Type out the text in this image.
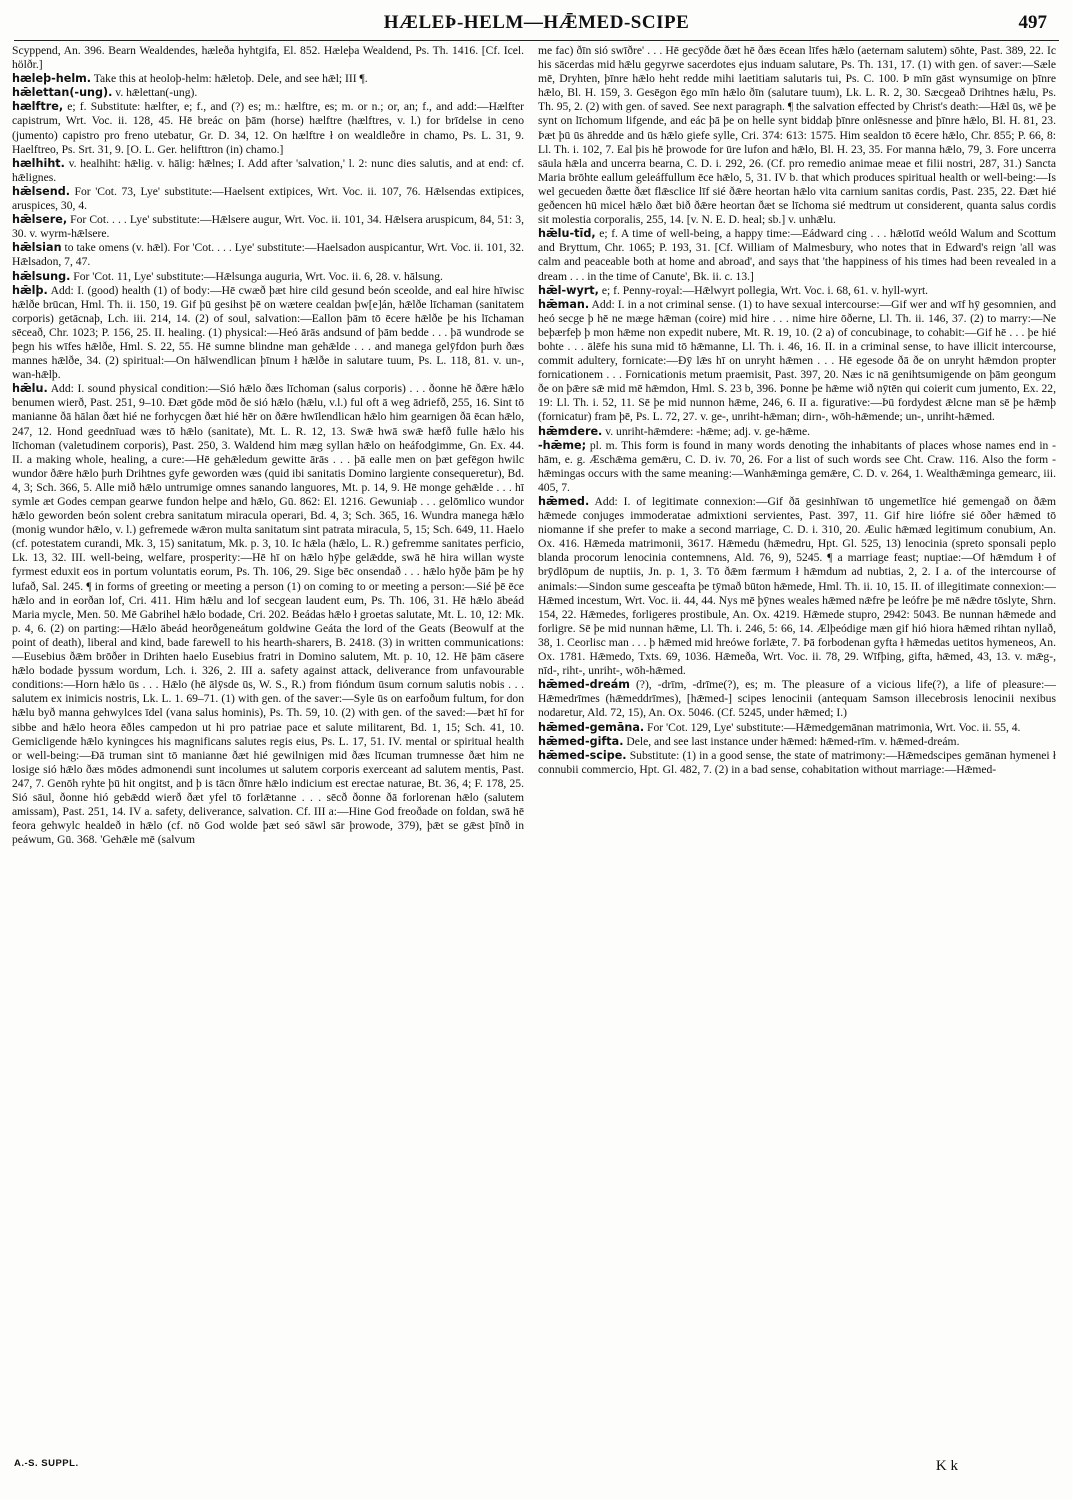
HÆLEÞ-HELM—HǢMED-SCIPE	497

Scyppend, An. 396. Bearn Wealdendes, hæleða hyhtgifa, El. 852. Hæleþa Wealdend, Ps. Th. 1416. [Cf. Icel. hölðr.]

hæleþ-helm. Take this at heoloþ-helm: hǣletoþ. Dele, and see hǣl; III ¶.

hǣlettan(-ung). v. hǣlettan(-ung).

hælftre, e; f. Substitute: hælfter, e; f., and (?) es; m.: hælftre, es; m. or n.; or, an; f., and add:—Hælfter capistrum, Wrt. Voc. ii. 128, 45. Hē breác on þām (horse) hælftre (hælftres, v. l.) for brīdelse in ceno (jumento) capistro pro freno utebatur, Gr. D. 34, 12. On hælftre ł on wealdleðre in chamo, Ps. L. 31, 9. Haelftreo, Ps. Srt. 31, 9. [O. L. Ger. helifttron (in) chamo.]

hælhiht. v. healhiht: hǣlig. v. hālig: hǣlnes; I. Add after 'salvation,' l. 2: nunc dies salutis, and at end: cf. hǣlignes.

hǣlsend. For 'Cot. 73, Lye' substitute:—Haelsent extipices, Wrt. Voc. ii. 107, 76. Hǣlsendas extipices, aruspices, 30, 4.

hǣlsere, For Cot. . . . Lye' substitute:—Hǣlsere augur, Wrt. Voc. ii. 101, 34. Hǣlsera aruspicum, 84, 51: 3, 30. v. wyrm-hǣlsere.

hǣlsian to take omens (v. hǣl). For 'Cot. . . . Lye' substitute:—Haelsadon auspicantur, Wrt. Voc. ii. 101, 32. Hǣlsadon, 7, 47.

hǣlsung. For 'Cot. 11, Lye' substitute:—Hǣlsunga auguria, Wrt. Voc. ii. 6, 28. v. hālsung.

hǣlþ. Add: I. (good) health (1) of body:—Hē cwæð þæt hire cild gesund beón sceolde, and eal hire hīwisc hǣlðe brūcan, Hml. Th. ii. 150, 19. Gif þū gesihst þē on wætere cealdan þw[e]án, hǣlðe līchaman (sanitatem corporis) getācnaþ, Lch. iii. 214, 14. (2) of soul, salvation:—Eallon þām tō ēcere hǣlðe þe his līchaman sēceað, Chr. 1023; P. 156, 25. II. healing. (1) physical:—Heó ārās andsund of þām bedde . . . þā wundrode se þegn his wīfes hǣlðe, Hml. S. 22, 55. Hē sumne blindne man gehǣlde . . . and manega gelȳfdon þurh ðæs mannes hǣlðe, 34. (2) spiritual:—On hālwendlican þīnum ł hǣlðe in salutare tuum, Ps. L. 118, 81. v. un-, wan-hǣlþ.

hǣlu. Add: I. sound physical condition:—Sió hǣlo ðæs līchoman (salus corporis) . . . ðonne hē ðǣre hǣlo benumen wierð, Past. 251, 9–10. Ðæt gōde mōd ðe sió hǣlo (hǣlu, v.l.) ful oft ā weg ādriefð, 255, 16. Sint tō manianne ðā hālan ðæt hié ne forhycgen ðæt hié hēr on ðǣre hwīlendlican hǣlo him gearnigen ðā ēcan hǣlo, 247, 12. Hond geednīuad wæs tō hǣlo (sanitate), Mt. L. R. 12, 13. Swǣ hwā swǣ hæfð fulle hǣlo his līchoman (valetudinem corporis), Past. 250, 3. Waldend him mæg syllan hǣlo on heáfodgimme, Gn. Ex. 44. II. a making whole, healing, a cure:—Hē gehǣledum gewitte ārās . . . þā ealle men on þæt gefēgon hwilc wundor ðǣre hǣlo þurh Drihtnes gyfe geworden wæs (quid ibi sanitatis Domino largiente consequeretur), Bd. 4, 3; Sch. 366, 5. Alle mið hǣlo untrumige omnes sanando languores, Mt. p. 14, 9. Hē monge gehǣlde . . . hī symle æt Godes cempan gearwe fundon helpe and hǣlo, Gū. 862: El. 1216. Gewuniaþ . . . gelōmlico wundor hǣlo geworden beón solent crebra sanitatum miracula operari, Bd. 4, 3; Sch. 365, 16. Wundra manega hǣlo (monig wundor hǣlo, v. l.) gefremede wǣron multa sanitatum sint patrata miracula, 5, 15; Sch. 649, 11. Haelo (cf. potestatem curandi, Mk. 3, 15) sanitatum, Mk. p. 3, 10. Ic hǣla (hǣlo, L. R.) gefremme sanitates perficio, Lk. 13, 32. III. well-being, welfare, prosperity:—Hē hī on hǣlo hȳþe gelǣdde, swā hē hira willan wyste fyrmest eduxit eos in portum voluntatis eorum, Ps. Th. 106, 29. Sige bēc onsendað . . . hǣlo hȳðe þām þe hȳ lufað, Sal. 245. ¶ in forms of greeting or meeting a person (1) on coming to or meeting a person:—Sié þē ēce hǣlo and in eorðan lof, Cri. 411. Him hǣlu and lof secgean laudent eum, Ps. Th. 106, 31. Hē hǣlo ābeád Maria mycle, Men. 50. Mē Gabrihel hǣlo bodade, Cri. 202. Beádas hǣlo ł groetas salutate, Mt. L. 10, 12: Mk. p. 4, 6. (2) on parting:—Hǣlo ābeád heorðgeneátum goldwine Geáta the lord of the Geats (Beowulf at the point of death), liberal and kind, bade farewell to his hearth-sharers, B. 2418. (3) in written communications:—Eusebius ðǣm brōðer in Drihten haelo Eusebius fratri in Domino salutem, Mt. p. 10, 12. Hē þām cāsere hǣlo bodade þyssum wordum, Lch. i. 326, 2. III a. safety against attack, deliverance from unfavourable conditions:—Horn hǣlo ūs . . . Hǣlo (hē ālȳsde ūs, W. S., R.) from fióndum ūsum cornum salutis nobis . . . salutem ex inimicis nostris, Lk. L. 1. 69–71. (1) with gen. of the saver:—Syle ūs on earfoðum fultum, for don hǣlu byð manna gehwylces īdel (vana salus hominis), Ps. Th. 59, 10. (2) with gen. of the saved:—Þæt hī for sibbe and hǣlo heora ēðles campedon ut hi pro patriae pace et salute militarent, Bd. 1, 15; Sch. 41, 10. Gemicligende hǣlo kyningces his magnificans salutes regis eius, Ps. L. 17, 51. IV. mental or spiritual health or well-being:—Ðā truman sint tō manianne ðæt hié gewilnigen mid ðæs līcuman trumnesse ðæt him ne losige sió hǣlo ðæs mōdes admonendi sunt incolumes ut salutem corporis exerceant ad salutem mentis, Past. 247, 7. Genōh ryhte þū hit ongitst, and þ is tācn ðīnre hǣlo indicium est erectae naturae, Bt. 36, 4; F. 178, 25. Sió sāul, ðonne hió gebǣdd wierð ðæt yfel tō forlǣtanne . . . sēcð ðonne ðā forlorenan hǣlo (salutem amissam), Past. 251, 14. IV a. safety, deliverance, salvation. Cf. III a:—Hine God freoðade on foldan, swā hē feora gehwylc healdeð in hǣlo (cf. nō God wolde þæt seó sāwl sār þrowode, 379), þǣt se gǣst þīnð in peáwum, Gū. 368. 'Gehǣle mē (salvum

me fac) ðīn sió swīðre' . . . Hē gecȳðde ðæt hē ðæs ēcean līfes hǣlo (aeternam salutem) sōhte, Past. 389, 22. Ic his sācerdas mid hǣlu gegyrwe sacerdotes ejus induam salutare, Ps. Th. 131, 17. (1) with gen. of saver:—Sæle mē, Dryhten, þīnre hǣlo heht redde mihi laetitiam salutaris tui, Ps. C. 100. Þ mīn gāst wynsumige on þīnre hǣlo, Bl. H. 159, 3. Gesēgon ēgo mīn hǣlo ðīn (salutare tuum), Lk. L. R. 2, 30. Sæcgeað Drihtnes hǣlu, Ps. Th. 95, 2. (2) with gen. of saved. See next paragraph. ¶ the salvation effected by Christ's death:—Hǣl ūs, wē þe synt on līchomum lifgende, and eác þā þe on helle synt biddaþ þīnre onlēsnesse and þīnre hǣlo, Bl. H. 81, 23. Þæt þū ūs āhredde and ūs hǣlo giefe sylle, Cri. 374: 613: 1575. Him sealdon tō ēcere hǣlo, Chr. 855; P. 66, 8: Ll. Th. i. 102, 7. Eal þis hē þrowode for ūre lufon and hǣlo, Bl. H. 23, 35. For manna hǣlo, 79, 3. Fore uncerra sāula hǣla and uncerra bearna, C. D. i. 292, 26. (Cf. pro remedio animae meae et filii nostri, 287, 31.) Sancta Maria brōhte eallum geleáffullum ēce hǣlo, 5, 31. IV b. that which produces spiritual health or well-being:—Is wel gecueden ðætte ðæt flǣsclice līf sié ðǣre heortan hǣlo vita carnium sanitas cordis, Past. 235, 22. Ðæt hié geðencen hū micel hǣlo ðæt bið ðǣre heortan ðæt se līchoma sié medtrum ut considerent, quanta salus cordis sit molestia corporalis, 255, 14. [v. N. E. D. heal; sb.] v. unhǣlu.

hǣlu-tīd, e; f. A time of well-being, a happy time:—Eádward cing . . . hǣlotīd weóld Walum and Scottum and Bryttum, Chr. 1065; P. 193, 31. [Cf. William of Malmesbury, who notes that in Edward's reign 'all was calm and peaceable both at home and abroad', and says that 'the happiness of his times had been revealed in a dream . . . in the time of Canute', Bk. ii. c. 13.]

hǣl-wyrt, e; f. Penny-royal:—Hǣlwyrt pollegia, Wrt. Voc. i. 68, 61. v. hyll-wyrt.

hǣman. Add: I. in a not criminal sense. (1) to have sexual intercourse:—Gif wer and wīf hȳ gesomnien, and heó secge þ hē ne mæge hǣman (coire) mid hire . . . nime hire ōðerne, Ll. Th. ii. 146, 37. (2) to marry:—Ne beþærfeþ þ mon hǣme non expedit nubere, Mt. R. 19, 10. (2 a) of concubinage, to cohabit:—Gif hē . . . þe hié bohte . . . ālēfe his suna mid tō hǣmanne, Ll. Th. i. 46, 16. II. in a criminal sense, to have illicit intercourse, commit adultery, fornicate:—Ðȳ lǣs hī on unryht hǣmen . . . Hē egesode ðā ðe on unryht hǣmdon propter fornicationem . . . Fornicationis metum praemisit, Past. 397, 20. Næs ic nā genihtsumigende on þām geongum ðe on þǣre sǣ mid mē hǣmdon, Hml. S. 23 b, 396. Þonne þe hǣme wið nȳtēn qui coierit cum jumento, Ex. 22, 19: Ll. Th. i. 52, 11. Sē þe mid nunnon hǣme, 246, 6. II a. figurative:—Þū fordydest ǣlcne man sē þe hǣmþ (fornicatur) fram þē, Ps. L. 72, 27. v. ge-, unriht-hǣman; dirn-, wōh-hǣmende; un-, unriht-hǣmed.

hǣmdere. v. unriht-hǣmdere: -hǣme; adj. v. ge-hǣme.

-hǣme; pl. m. This form is found in many words denoting the inhabitants of places whose names end in -hām, e. g. Æschǣma gemǣru, C. D. iv. 70, 26. For a list of such words see Cht. Craw. 116. Also the form -hǣmingas occurs with the same meaning:—Wanhǣminga gemǣre, C. D. v. 264, 1. Wealthǣminga gemearc, iii. 405, 7.

hǣmed. Add: I. of legitimate connexion:—Gif ðā gesinhīwan tō ungemetlīce hié gemengað on ðǣm hǣmede conjuges immoderatae admixtioni servientes, Past. 397, 11. Gif hire liófre sié ōðer hǣmed tō niomanne if she prefer to make a second marriage, C. D. i. 310, 20. Æulic hǣmæd legitimum conubium, An. Ox. 416. Hǣmeda matrimonii, 3617. Hǣmedu (hǣmedru, Hpt. Gl. 525, 13) lenocinia (spreto sponsali peplo blanda procorum lenocinia contemnens, Ald. 76, 9), 5245. ¶ a marriage feast; nuptiae:—Of hǣmdum ł of brȳdlōpum de nuptiis, Jn. p. 1, 3. Tō ðǣm færmum ł hǣmdum ad nubtias, 2, 2. I a. of the intercourse of animals:—Sindon sume gesceafta þe tȳmað būton hǣmede, Hml. Th. ii. 10, 15. II. of illegitimate connexion:—Hǣmed incestum, Wrt. Voc. ii. 44, 44. Nys mē þȳnes weales hǣmed nǣfre þe leófre þe mē nǣdre tōslyte, Shrn. 154, 22. Hǣmedes, forligeres prostibule, An. Ox. 4219. Hǣmede stupro, 2942: 5043. Be nunnan hǣmede and forligre. Sē þe mid nunnan hǣme, Ll. Th. i. 246, 5: 66, 14. Ælþeódige mæn gif hió hiora hǣmed rihtan nyllað, 38, 1. Ceorlisc man . . . þ hǣmed mid hreówe forlǣte, 7. Þā forbodenan gyfta ł hǣmedas uetitos hymeneos, An. Ox. 1781. Hǣmedo, Txts. 69, 1036. Hǣmeða, Wrt. Voc. ii. 78, 29. Wīfþing, gifta, hǣmed, 43, 13. v. mǣg-, nīd-, riht-, unriht-, wōh-hǣmed.

hǣmed-dreám (?), -drīm, -drīme(?), es; m. The pleasure of a vicious life(?), a life of pleasure:—Hǣmedrīmes (hǣmeddrīmes), [hǣmed-] scipes lenocinii (antequam Samson illecebrosis lenocinii nexibus nodaretur, Ald. 72, 15), An. Ox. 5046. (Cf. 5245, under hǣmed; I.)

hǣmed-gemāna. For 'Cot. 129, Lye' substitute:—Hǣmedgemānan matrimonia, Wrt. Voc. ii. 55, 4.

hǣmed-gifta. Dele, and see last instance under hǣmed: hǣmed-rīm. v. hǣmed-dreám.

hǣmed-scipe. Substitute: (1) in a good sense, the state of matrimony:—Hǣmedscipes gemānan hymenei ł connubii commercio, Hpt. Gl. 482, 7. (2) in a bad sense, cohabitation without marriage:—Hǣmed-

A.-S. SUPPL.	K k
